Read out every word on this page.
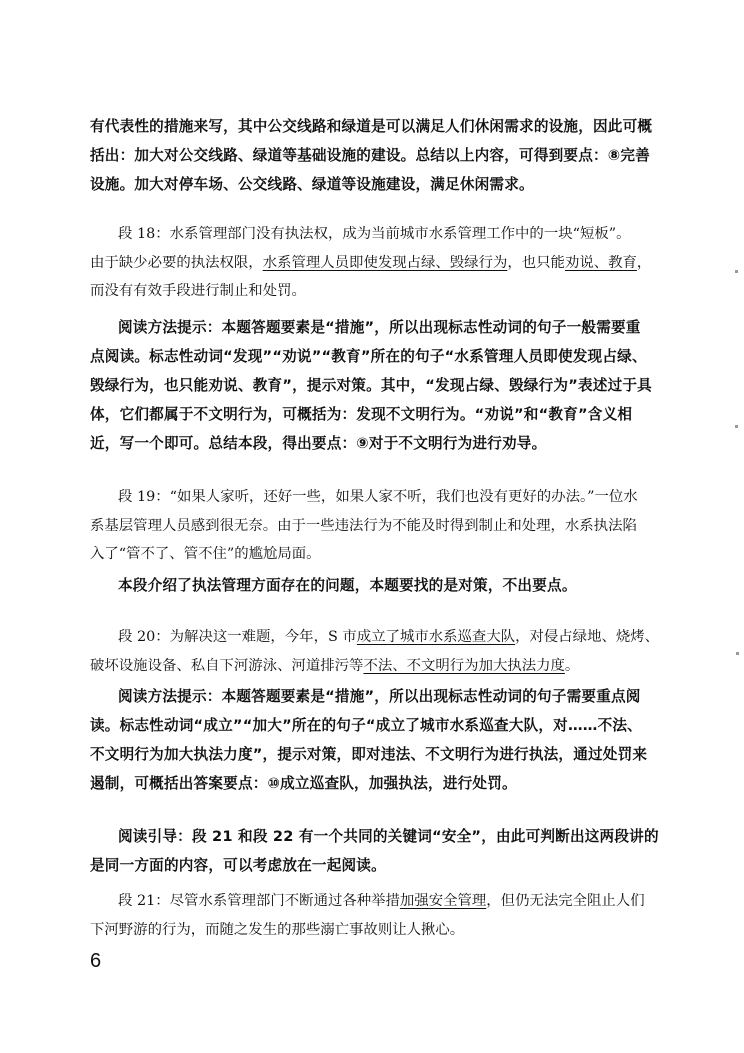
有代表性的措施来写，其中公交线路和绿道是可以满足人们休闲需求的设施，因此可概
括出：加大对公交线路、绿道等基础设施的建设。总结以上内容，可得到要点：⑧完善
设施。加大对停车场、公交线路、绿道等设施建设，满足休闲需求。
段 18：水系管理部门没有执法权，成为当前城市水系管理工作中的一块“短板”。
由于缺少必要的执法权限，水系管理人员即使发现占绿、毁绿行为，也只能劝说、教育，
而没有有效手段进行制止和处罚。
阅读方法提示：本题答题要素是“措施”，所以出现标志性动词的句子一般需要重
点阅读。标志性动词“发现”“劝说”“教育”所在的句子“水系管理人员即使发现占绿、
毁绿行为，也只能劝说、教育”，提示对策。其中，“发现占绿、毁绿行为”表述过于具
体，它们都属于不文明行为，可概括为：发现不文明行为。“劝说”和“教育”含义相
近，写一个即可。总结本段，得出要点：⑨对于不文明行为进行劝导。
段 19：“如果人家听，还好一些，如果人家不听，我们也没有更好的办法。”一位水
系基层管理人员感到很无奈。由于一些违法行为不能及时得到制止和处理，水系执法陷
入了“管不了、管不住”的尴尬局面。
本段介绍了执法管理方面存在的问题，本题要找的是对策，不出要点。
段 20：为解决这一难题，今年，S 市成立了城市水系巡查大队，对侵占绿地、烧烤、
破坏设施设备、私自下河游泳、河道排污等不法、不文明行为加大执法力度。
阅读方法提示：本题答题要素是“措施”，所以出现标志性动词的句子需要重点阅
读。标志性动词“成立”“加大”所在的句子“成立了城市水系巡查大队，对……不法、
不文明行为加大执法力度”，提示对策，即对违法、不文明行为进行执法，通过处罚来
遏制，可概括出答案要点：⑩成立巡查队，加强执法，进行处罚。
阅读引导：段 21 和段 22 有一个共同的关键词“安全”，由此可判断出这两段讲的
是同一方面的内容，可以考虑放在一起阅读。
段 21：尽管水系管理部门不断通过各种举措加强安全管理，但仍无法完全阻止人们
下河野游的行为，而随之发生的那些溺亡事故则让人揪心。
6
